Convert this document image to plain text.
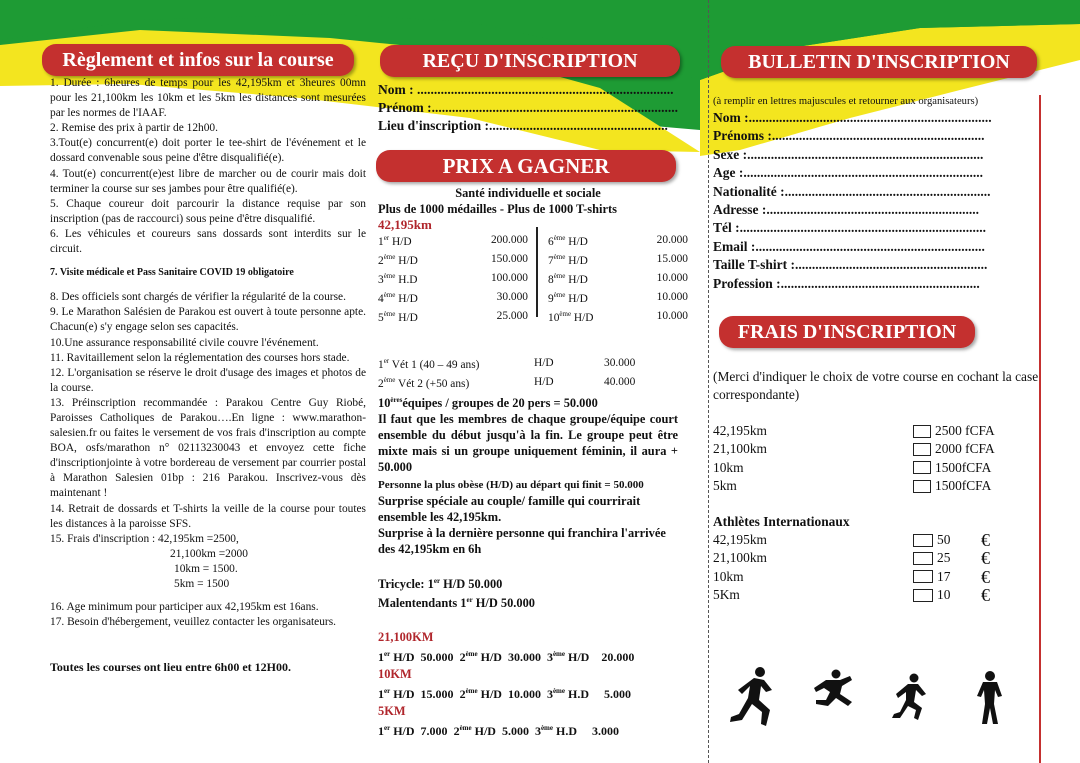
Règlement et infos sur la course

1. Durée : 6heures de temps pour les 42,195km et 3heures 00mn pour les 21,100km les 10km et les 5km les distances sont mesurées par les normes de l'IAAF.

2. Remise des prix à partir de 12h00.

3.Tout(e) concurrent(e) doit porter le tee-shirt de l'événement et le dossard convenable sous peine d'être disqualifié(e).

4. Tout(e) concurrent(e)est libre de marcher ou de courir mais doit terminer la course sur ses jambes pour être qualifié(e).

5. Chaque coureur doit parcourir la distance requise par son inscription (pas de raccourci) sous peine d'être disqualifié.

6. Les véhicules et coureurs sans dossards sont interdits sur le circuit.

7. Visite médicale et Pass Sanitaire COVID 19 obligatoire

8. Des officiels sont chargés de vérifier la régularité de la course.

9. Le Marathon Salésien de Parakou est ouvert à toute personne apte. Chacun(e) s'y engage selon ses capacités.

10.Une assurance responsabilité civile couvre l'événement.

11. Ravitaillement selon la réglementation des courses hors stade.

12. L'organisation se réserve le droit d'usage des images et photos de la course.

13. Préinscription recommandée : Parakou Centre Guy Riobé, Paroisses Catholiques de Parakou….En ligne : www.marathon-salesien.fr ou faites le versement de vos frais d'inscription au compte BOA, osfs/marathon n° 02113230043 et envoyez cette fiche d'inscriptionjointe à votre bordereau de versement par courrier postal à Marathon Salesien 01bp : 216 Parakou. Inscrivez-vous dès maintenant !

14. Retrait de dossards et T-shirts la veille de la course pour toutes les distances à la paroisse SFS.

15. Frais d'inscription : 42,195km =2500,

21,100km =2000

10km = 1500.

5km = 1500

16. Age minimum pour participer aux 42,195km est 16ans.

17. Besoin d'hébergement, veuillez contacter les organisateurs.

Toutes les courses ont lieu entre 6h00 et 12H00.

REÇU D'INSCRIPTION
Nom : ............................................................................
Prénom :.........................................................................
Lieu d'inscription :.....................................................
PRIX A GAGNER
Santé individuelle et sociale
Plus de 1000 médailles - Plus de 1000 T-shirts
42,195km
1er H/D	200.000
2ème H/D	150.000
3ème H.D	100.000
4ème H/D	30.000
5ème H/D	25.000
6ème H/D	20.000
7ème H/D	15.000
8ème H/D	10.000
9ème H/D	10.000
10ème H/D	10.000
1er Vét 1 (40 – 49 ans)	H/D	30.000
2ème Vét 2 (+50 ans)	H/D	40.000
10èreséquipes / groupes de 20 pers = 50.000
Il faut que les membres de chaque groupe/équipe court ensemble du début jusqu'à la fin. Le groupe peut être mixte mais si un groupe uniquement féminin, il aura + 50.000
Personne la plus obèse (H/D) au départ qui finit = 50.000
Surprise spéciale au couple/ famille qui courrirait ensemble les 42,195km.
Surprise à la dernière personne qui franchira l'arrivée des 42,195km en 6h
Tricycle: 1er H/D 50.000
Malentendants 1er H/D 50.000
21,100KM
1er H/D  50.000  2ème H/D  30.000  3ème H/D    20.000
10KM
1er H/D  15.000  2ème H/D  10.000  3ème H.D     5.000
5KM
1er H/D  7.000  2ème H/D  5.000  3ème H.D     3.000
BULLETIN D'INSCRIPTION
(à remplir en lettres majuscules et retourner aux organisateurs)
Nom :........................................................................
Prénoms :...............................................................
Sexe :......................................................................
Age :.......................................................................
Nationalité :.............................................................
Adresse :...............................................................
Tél :.........................................................................
Email :....................................................................
Taille T-shirt :.........................................................
Profession :...........................................................
FRAIS D'INSCRIPTION
(Merci d'indiquer le choix de votre course en cochant la case correspondante)
42,195km	2500 fCFA
21,100km	2000 fCFA
10km	1500fCFA
5km	1500fCFA
Athlètes Internationaux
42,195km	50	€
21,100km	25	€
10km	17	€
5Km	10	€
